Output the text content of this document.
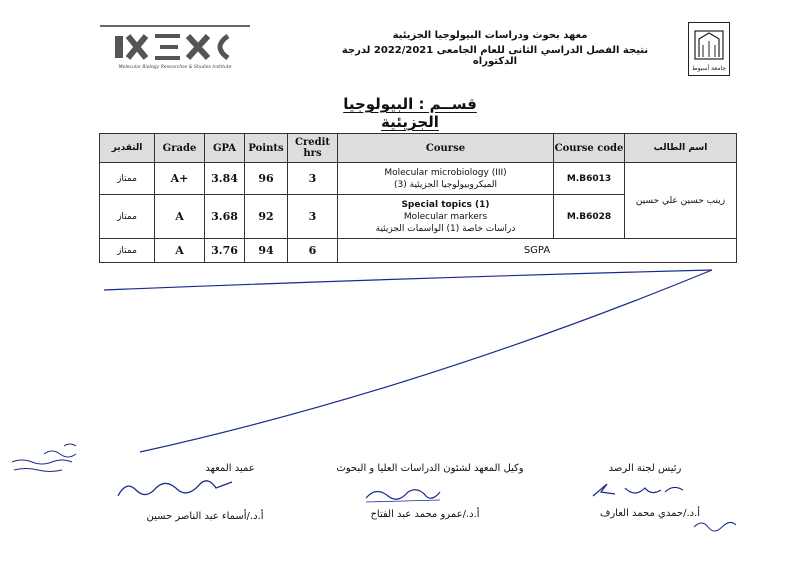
معهد بحوث ودراسات البيولوجيا الجزيئية
نتيجة الفصل الدراسي الثانى للعام الجامعى 2022/2021 لدرجة الدكتوراه
Molecular Biology Researches & Studies Institute	جامعة أسيوط
قســم : البيولوجيا الجزيئية
التقدير	Grade	GPA	Points	Credit hrs	Course	Course code	اسم الطالب
ممتاز	A+	3.84	96	3	Molecular microbiology (III)
الميكروبيولوجيا الجزيئية (3)	M.B6013	زينب حسين علي حسين
ممتاز	A	3.68	92	3	Special topics (1)
Molecular markers
دراسات خاصة (1) الواسمات الجزيئية	M.B6028	
ممتاز	A	3.76	94	6	SGPA		
يعتمد نائب رئيس الجامعة للدراسات العليا والبحوث
رئيس لجنة الرصد
أ.د./حمدي محمد العارف
وكيل المعهد لشئون الدراسات العليا و البحوث
أ.د./عمرو محمد عبد الفتاح
عميد المعهد
أ.د./أسماء عبد الناصر حسين
